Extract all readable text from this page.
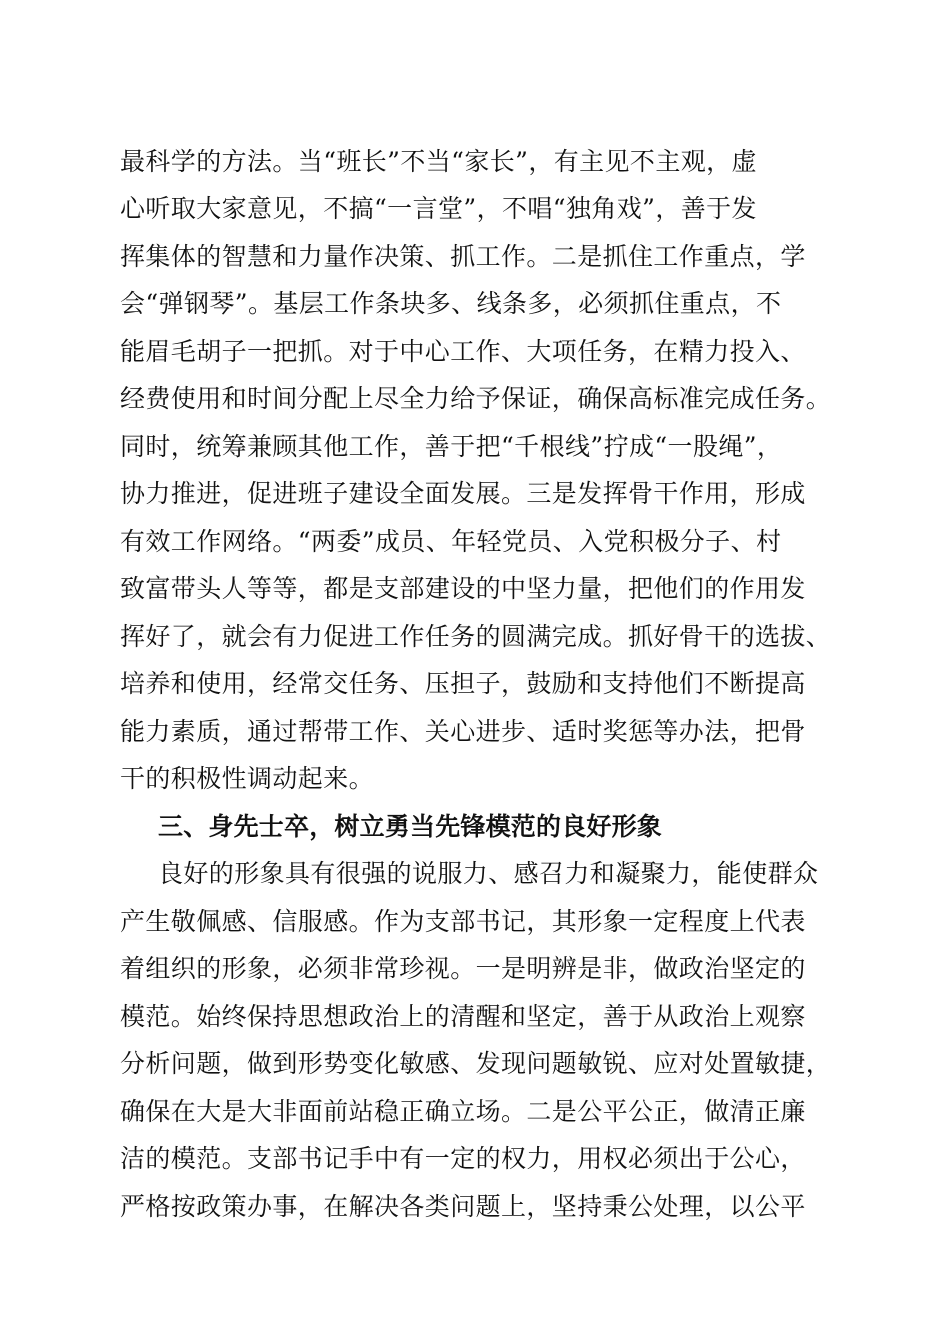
最科学的方法。当“班长”不当“家长”，有主见不主观，虚
心听取大家意见，不搞“一言堂”，不唱“独角戏”，善于发
挥集体的智慧和力量作决策、抓工作。二是抓住工作重点，学
会“弹钢琴”。基层工作条块多、线条多，必须抓住重点，不
能眉毛胡子一把抓。对于中心工作、大项任务，在精力投入、
经费使用和时间分配上尽全力给予保证，确保高标准完成任务。
同时，统筹兼顾其他工作，善于把“千根线”拧成“一股绳”，
协力推进，促进班子建设全面发展。三是发挥骨干作用，形成
有效工作网络。“两委”成员、年轻党员、入党积极分子、村
致富带头人等等，都是支部建设的中坚力量，把他们的作用发
挥好了，就会有力促进工作任务的圆满完成。抓好骨干的选拔、
培养和使用，经常交任务、压担子，鼓励和支持他们不断提高
能力素质，通过帮带工作、关心进步、适时奖惩等办法，把骨
干的积极性调动起来。
三、身先士卒，树立勇当先锋模范的良好形象
良好的形象具有很强的说服力、感召力和凝聚力，能使群众
产生敬佩感、信服感。作为支部书记，其形象一定程度上代表
着组织的形象，必须非常珍视。一是明辨是非，做政治坚定的
模范。始终保持思想政治上的清醒和坚定，善于从政治上观察
分析问题，做到形势变化敏感、发现问题敏锐、应对处置敏捷，
确保在大是大非面前站稳正确立场。二是公平公正，做清正廉
洁的模范。支部书记手中有一定的权力，用权必须出于公心，
严格按政策办事，在解决各类问题上，坚持秉公处理，以公平
